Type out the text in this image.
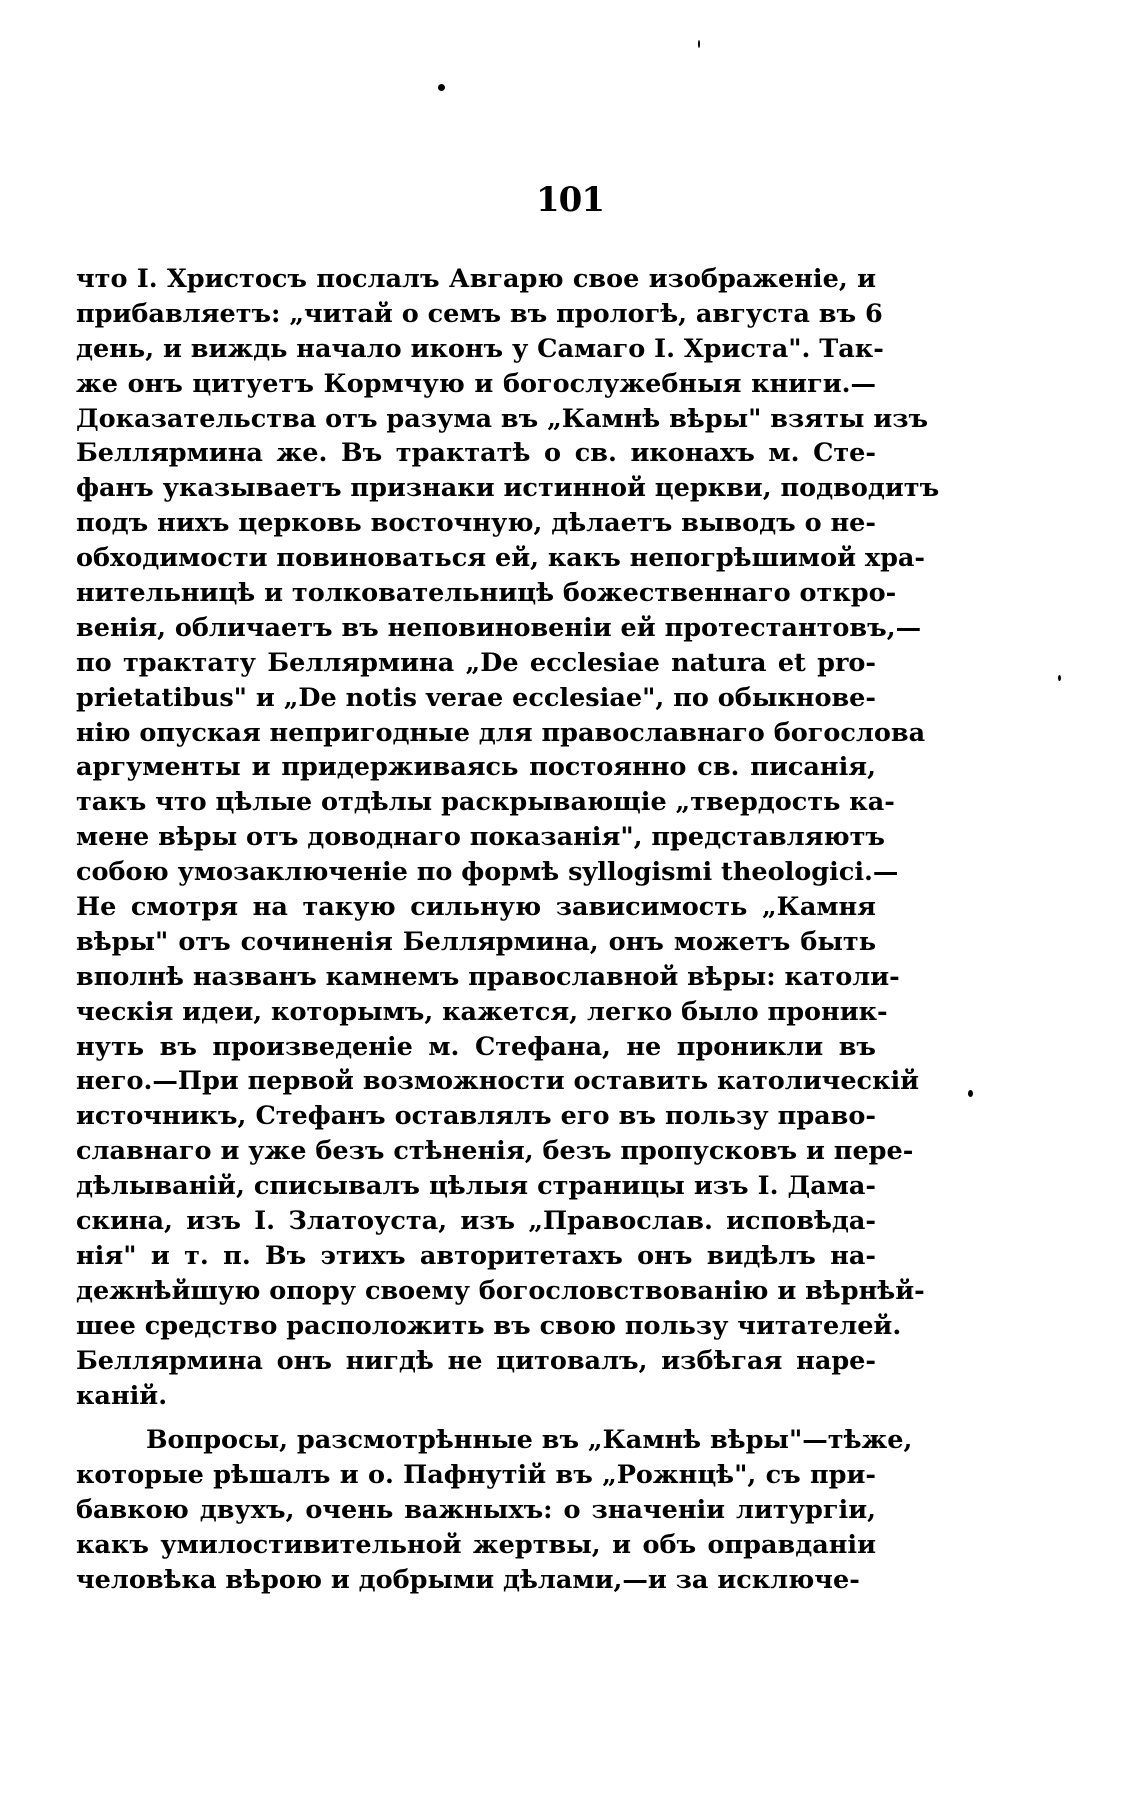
101
что I. Христосъ послалъ Авгарю свое изображенiе, и
прибавляетъ: „читай о семъ въ прологѣ, августа въ 6
день, и виждь начало иконъ у Самаго I. Христа". Так-
же онъ цитуетъ Кормчую и богослужебныя книги.—
Доказательства отъ разума въ „Камнѣ вѣры" взяты изъ
Беллярмина же. Въ трактатѣ о св. иконахъ м. Сте-
фанъ указываетъ признаки истинной церкви, подводитъ
подъ нихъ церковь восточную, дѣлаетъ выводъ о не-
обходимости повиноваться ей, какъ непогрѣшимой хра-
нительницѣ и толковательницѣ божественнаго откро-
венiя, обличаетъ въ неповиновенiи ей протестантовъ,—
по трактату Беллярмина „De ecclesiae natura et pro-
prietatibus" и „De notis verae ecclesiae", по обыкнове-
нiю опуская непригодные для православнаго богослова
аргументы и придерживаясь постоянно св. писанiя,
такъ что цѣлые отдѣлы раскрывающiе „твердость ка-
мене вѣры отъ доводнаго показанiя", представляютъ
собою умозаключенiе по формѣ syllogismi theologici.—
Не смотря на такую сильную зависимость „Камня
вѣры" отъ сочиненiя Беллярмина, онъ можетъ быть
вполнѣ названъ камнемъ православной вѣры: католи-
ческiя идеи, которымъ, кажется, легко было проник-
нуть въ произведенiе м. Стефана, не проникли въ
него.—При первой возможности оставить католическiй
источникъ, Стефанъ оставлялъ его въ пользу право-
славнаго и уже безъ стѣненiя, безъ пропусковъ и пере-
дѣлыванiй, списывалъ цѣлыя страницы изъ I. Дама-
скина, изъ I. Златоуста, изъ „Православ. исповѣда-
нiя" и т. п. Въ этихъ авторитетахъ онъ видѣлъ на-
дежнѣйшую опору своему богословствованiю и вѣрнѣй-
шее средство расположить въ свою пользу читателей.
Беллярмина онъ нигдѣ не цитовалъ, избѣгая наре-
канiй.
Вопросы, разсмотрѣнные въ „Камнѣ вѣры"—тѣже,
которые рѣшалъ и о. Пафнутiй въ „Рожнцѣ", съ при-
бавкою двухъ, очень важныхъ: о значенiи литургiи,
какъ умилостивительной жертвы, и объ оправданiи
человѣка вѣрою и добрыми дѣлами,—и за исключе-
